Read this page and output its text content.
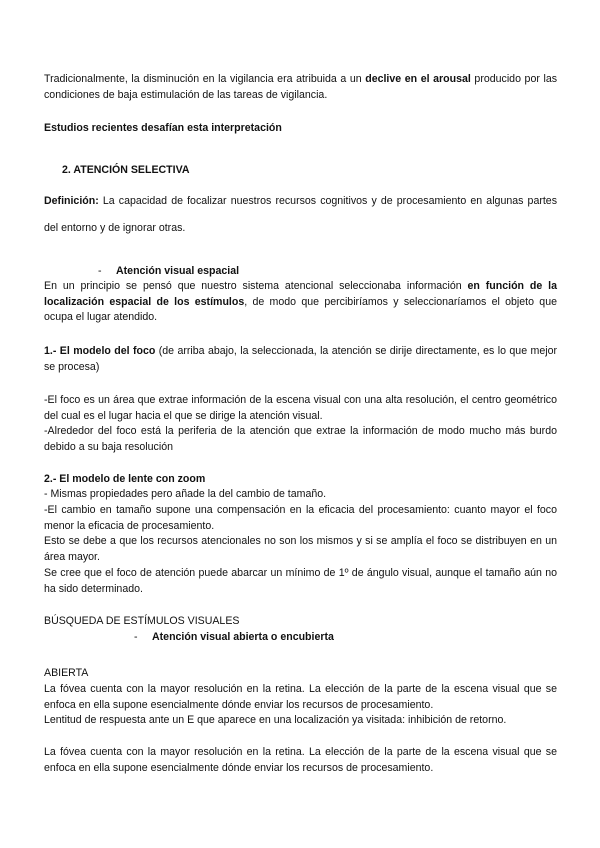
Tradicionalmente, la disminución en la vigilancia era atribuida a un declive en el arousal producido por las condiciones de baja estimulación de las tareas de vigilancia.

Estudios recientes desafían esta interpretación

2. ATENCIÓN SELECTIVA

Definición: La capacidad de focalizar nuestros recursos cognitivos y de procesamiento en algunas partes del entorno y de ignorar otras.

- Atención visual espacial

En un principio se pensó que nuestro sistema atencional seleccionaba información en función de la localización espacial de los estímulos, de modo que percibiríamos y seleccionaríamos el objeto que ocupa el lugar atendido.

1.- El modelo del foco (de arriba abajo, la seleccionada, la atención se dirije directamente, es lo que mejor se procesa)

-El foco es un área que extrae información de la escena visual con una alta resolución, el centro geométrico del cual es el lugar hacia el que se dirige la atención visual.

-Alrededor del foco está la periferia de la atención que extrae la información de modo mucho más burdo debido a su baja resolución

2.- El modelo de lente con zoom

- Mismas propiedades pero añade la del cambio de tamaño.

-El cambio en tamaño supone una compensación en la eficacia del procesamiento: cuanto mayor el foco menor la eficacia de procesamiento.

Esto se debe a que los recursos atencionales no son los mismos y si se amplía el foco se distribuyen en un área mayor.

Se cree que el foco de atención puede abarcar un mínimo de 1º de ángulo visual, aunque el tamaño aún no ha sido determinado.

BÚSQUEDA DE ESTÍMULOS VISUALES

- Atención visual abierta o encubierta

ABIERTA

La fóvea cuenta con la mayor resolución en la retina. La elección de la parte de la escena visual que se enfoca en ella supone esencialmente dónde enviar los recursos de procesamiento.

Lentitud de respuesta ante un E que aparece en una localización ya visitada: inhibición de retorno.

La fóvea cuenta con la mayor resolución en la retina. La elección de la parte de la escena visual que se enfoca en ella supone esencialmente dónde enviar los recursos de procesamiento.
